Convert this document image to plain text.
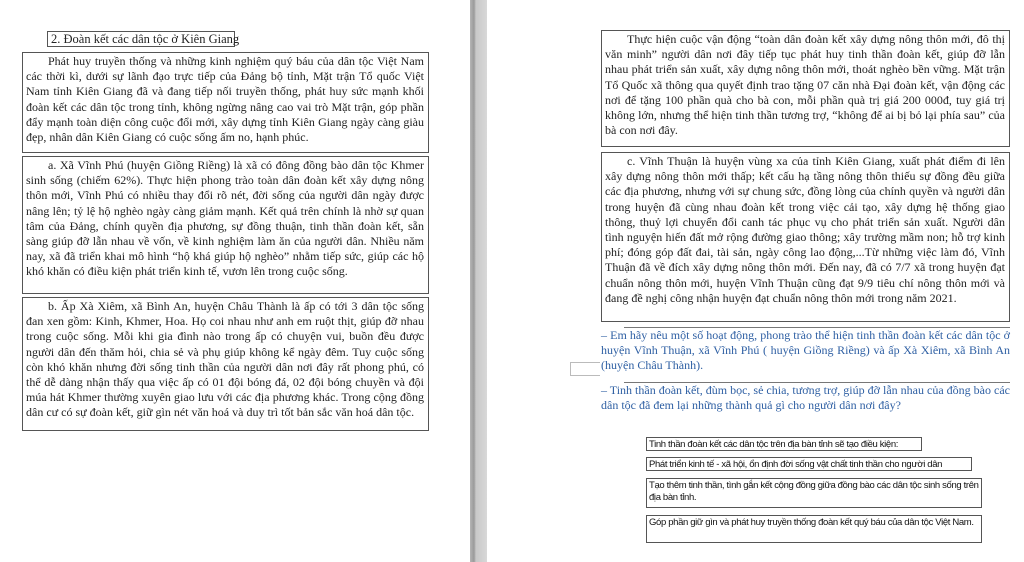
2. Đoàn kết các dân tộc ở Kiên Giang
Phát huy truyền thống và những kinh nghiệm quý báu của dân tộc Việt Nam các thời kì, dưới sự lãnh đạo trực tiếp của Đảng bộ tỉnh, Mặt trận Tổ quốc Việt Nam tỉnh Kiên Giang đã và đang tiếp nối truyền thống, phát huy sức mạnh khối đoàn kết các dân tộc trong tỉnh, không ngừng nâng cao vai trò Mặt trận, góp phần đẩy mạnh toàn diện công cuộc đổi mới, xây dựng tỉnh Kiên Giang ngày càng giàu đẹp, nhân dân Kiên Giang có cuộc sống ấm no, hạnh phúc.
a. Xã Vĩnh Phú (huyện Giồng Riềng) là xã có đông đồng bào dân tộc Khmer sinh sống (chiếm 62%). Thực hiện phong trào toàn dân đoàn kết xây dựng nông thôn mới, Vĩnh Phú có nhiều thay đổi rõ nét, đời sống của người dân ngày được nâng lên; tỷ lệ hộ nghèo ngày càng giảm mạnh. Kết quả trên chính là nhờ sự quan tâm của Đảng, chính quyền địa phương, sự đồng thuận, tinh thần đoàn kết, sẵn sàng giúp đỡ lẫn nhau về vốn, về kinh nghiệm làm ăn của người dân. Nhiều năm nay, xã đã triển khai mô hình “hộ khá giúp hộ nghèo” nhằm tiếp sức, giúp các hộ khó khăn có điều kiện phát triển kinh tế, vươn lên trong cuộc sống.
b. Ấp Xà Xiêm, xã Bình An, huyện Châu Thành là ấp có tới 3 dân tộc sống đan xen gồm: Kinh, Khmer, Hoa. Họ coi nhau như anh em ruột thịt, giúp đỡ nhau trong cuộc sống. Mỗi khi gia đình nào trong ấp có chuyện vui, buồn đều được người dân đến thăm hỏi, chia sẻ và phụ giúp không kể ngày đêm. Tuy cuộc sống còn khó khăn nhưng đời sống tinh thần của người dân nơi đây rất phong phú, có thể dễ dàng nhận thấy qua việc ấp có 01 đội bóng đá, 02 đội bóng chuyền và đội múa hát Khmer thường xuyên giao lưu với các địa phương khác. Trong cộng đồng dân cư có sự đoàn kết, giữ gìn nét văn hoá và duy trì tốt bản sắc văn hoá dân tộc.
Thực hiện cuộc vận động “toàn dân đoàn kết xây dựng nông thôn mới, đô thị văn minh” người dân nơi đây tiếp tục phát huy tinh thần đoàn kết, giúp đỡ lẫn nhau phát triển sản xuất, xây dựng nông thôn mới, thoát nghèo bền vững. Mặt trận Tổ Quốc xã thông qua quyết định trao tặng 07 căn nhà Đại đoàn kết, vận động các nơi để tặng 100 phần quà cho bà con, mỗi phần quà trị giá 200 000đ, tuy giá trị không lớn, nhưng thể hiện tinh thần tương trợ, “không để ai bị bỏ lại phía sau” của bà con nơi đây.
c. Vĩnh Thuận là huyện vùng xa của tỉnh Kiên Giang, xuất phát điểm đi lên xây dựng nông thôn mới thấp; kết cấu hạ tầng nông thôn thiếu sự đồng đều giữa các địa phương, nhưng với sự chung sức, đồng lòng của chính quyền và người dân trong huyện đã cùng nhau đoàn kết trong việc cải tạo, xây dựng hệ thống giao thông, thuỷ lợi chuyển đổi canh tác phục vụ cho phát triển sản xuất. Người dân tình nguyện hiến đất mở rộng đường giao thông; xây trường mầm non; hỗ trợ kinh phí; đóng góp đất đai, tài sản, ngày công lao động,...Từ những việc làm đó, Vĩnh Thuận đã về đích xây dựng nông thôn mới. Đến nay, đã có 7/7 xã trong huyện đạt chuẩn nông thôn mới, huyện Vĩnh Thuận cũng đạt 9/9 tiêu chí nông thôn mới và đang đề nghị công nhận huyện đạt chuẩn nông thôn mới trong năm 2021.
– Em hãy nêu một số hoạt động, phong trào thể hiện tinh thần đoàn kết các dân tộc ở huyện Vĩnh Thuận, xã Vĩnh Phú ( huyện Giồng Riềng) và ấp Xà Xiêm, xã Bình An (huyện Châu Thành).
– Tinh thần đoàn kết, đùm bọc, sẻ chia, tương trợ, giúp đỡ lẫn nhau của đồng bào các dân tộc đã đem lại những thành quả gì cho người dân nơi đây?
Tinh thần đoàn kết các dân tộc trên địa bàn tỉnh sẽ tạo điều kiện:
Phát triển kinh tế - xã hội, ổn định đời sống vật chất tinh thần cho người dân
Tạo thêm tinh thần, tình gắn kết cộng đồng giữa đồng bào các dân tộc sinh sống trên địa bàn tỉnh.
Góp phần giữ gìn và phát huy truyền thống đoàn kết quý báu của dân tộc Việt Nam.
